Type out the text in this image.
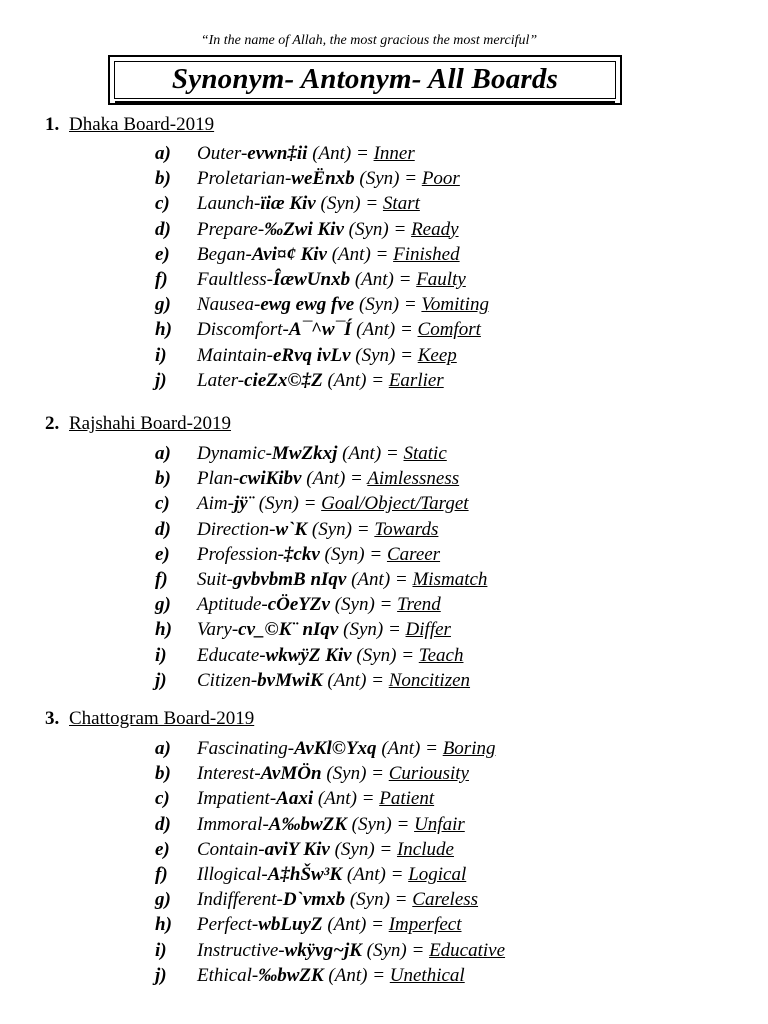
“In the name of Allah, the most gracious the most merciful”
Synonym- Antonym- All Boards
1. Dhaka Board-2019
a) Outer-evwn‡ii (Ant) = Inner
b) Proletarian-weËnxb (Syn) = Poor
c) Launch-ïiæ Kiv (Syn) = Start
d) Prepare-‰Zwi Kiv (Syn) = Ready
e) Began-Avi¤¢ Kiv (Ant) = Finished
f) Faultless-ÎæwUnxb (Ant) = Faulty
g) Nausea-ewg ewg fve (Syn) = Vomiting
h) Discomfort-A¯^w¯Í (Ant) = Comfort
i) Maintain-eRvq ivLv (Syn) = Keep
j) Later-cieZx©‡Z (Ant) = Earlier
2. Rajshahi Board-2019
a) Dynamic-MwZkxj (Ant) = Static
b) Plan-cwiKibv (Ant) = Aimlessness
c) Aim-jÿ¨ (Syn) = Goal/Object/Target
d) Direction-w`K (Syn) = Towards
e) Profession-‡ckv (Syn) = Career
f) Suit-gvbvbmB nIqv (Ant) = Mismatch
g) Aptitude-cÖeYZv (Syn) = Trend
h) Vary-cv_©K¨ nIqv (Syn) = Differ
i) Educate-wkwÿZ Kiv (Syn) = Teach
j) Citizen-bvMwiK (Ant) = Noncitizen
3. Chattogram Board-2019
a) Fascinating-AvKl©Yxq (Ant) = Boring
b) Interest-AvMÖn (Syn) = Curiousity
c) Impatient-Aaxi (Ant) = Patient
d) Immoral-A‰bwZK (Syn) = Unfair
e) Contain-aviY Kiv (Syn) = Include
f) Illogical-A‡hŠw³K (Ant) = Logical
g) Indifferent-D`vmxb (Syn) = Careless
h) Perfect-wbLuyZ (Ant) = Imperfect
i) Instructive-wkÿvg~jK (Syn) = Educative
j) Ethical-‰bwZK (Ant) = Unethical
